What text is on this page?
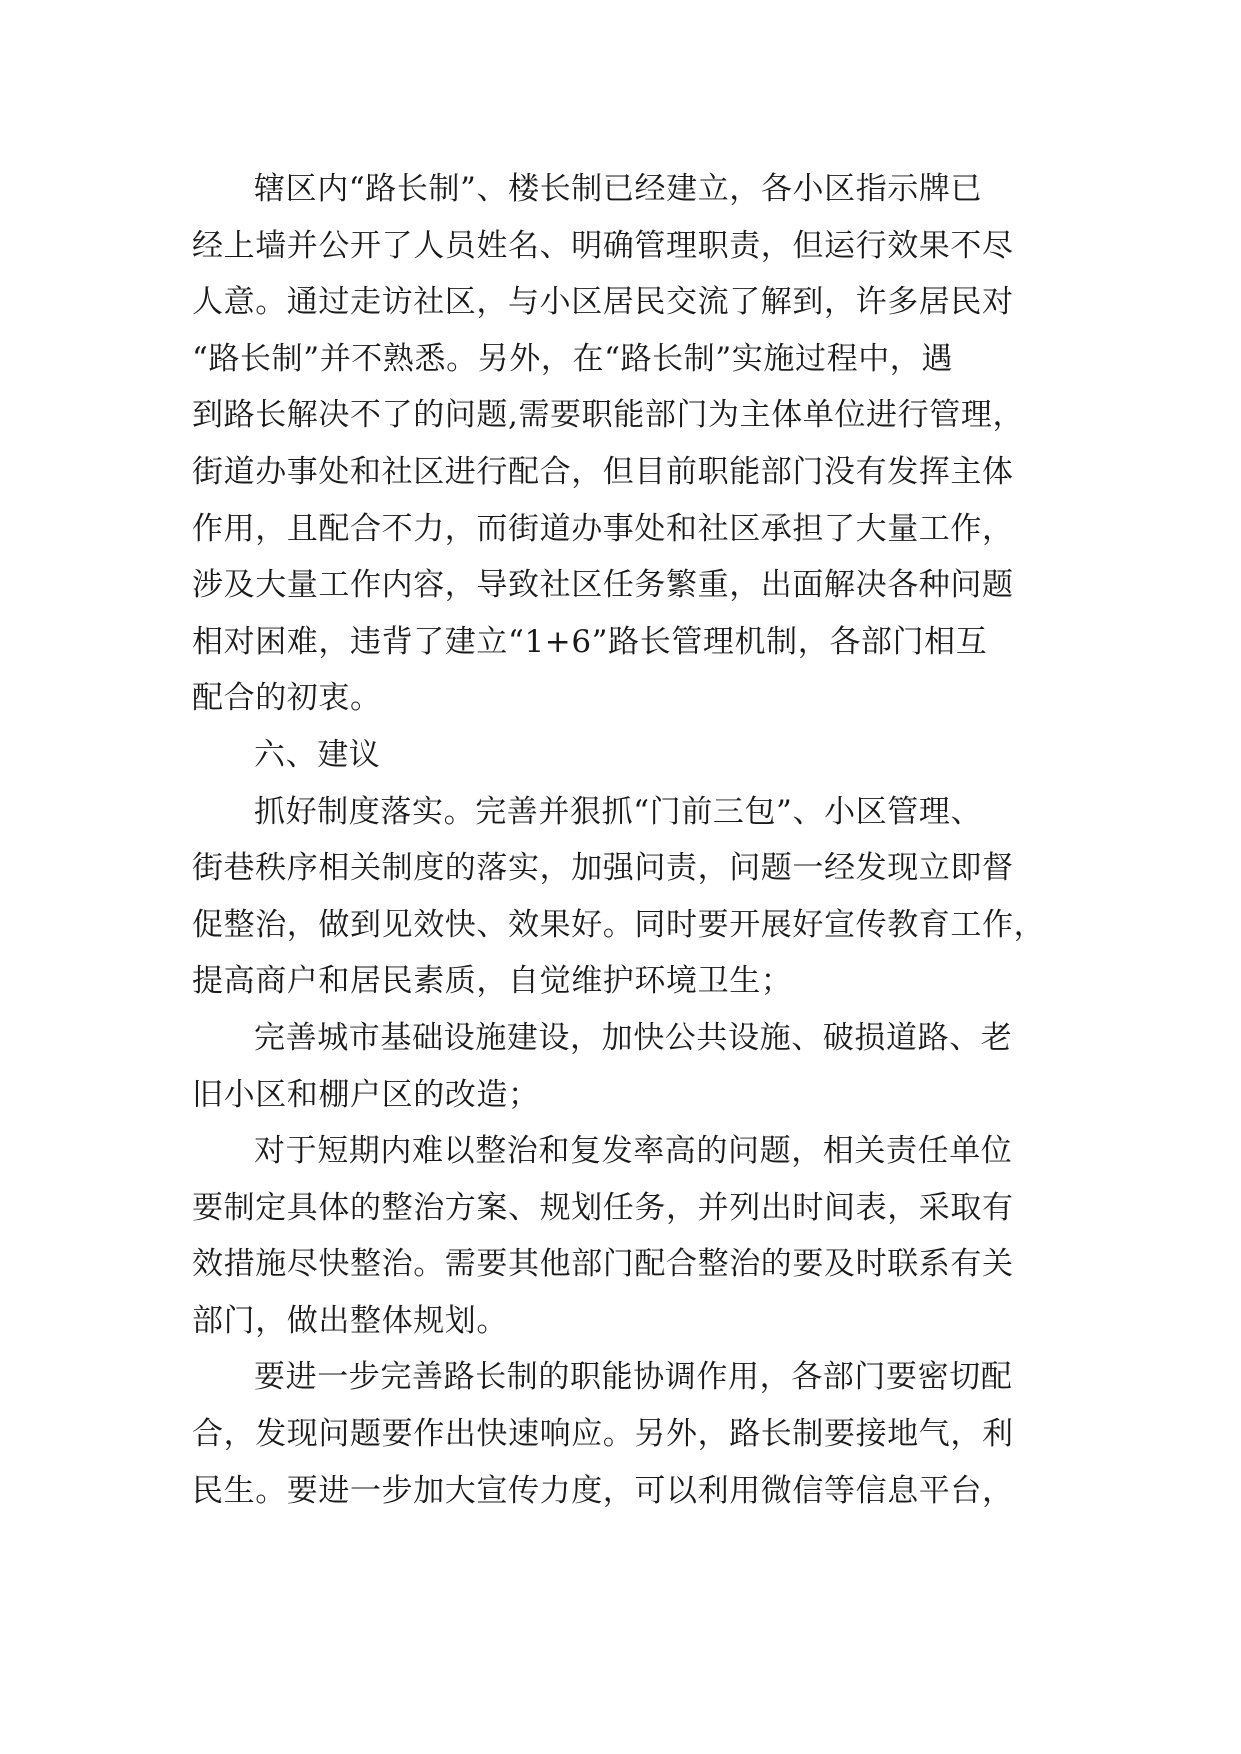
辖区内“路长制”、楼长制已经建立，各小区指示牌已
经上墙并公开了人员姓名、明确管理职责，但运行效果不尽
人意。通过走访社区，与小区居民交流了解到，许多居民对
“路长制”并不熟悉。另外，在“路长制”实施过程中，遇
到路长解决不了的问题,需要职能部门为主体单位进行管理，
街道办事处和社区进行配合，但目前职能部门没有发挥主体
作用，且配合不力，而街道办事处和社区承担了大量工作，
涉及大量工作内容，导致社区任务繁重，出面解决各种问题
相对困难，违背了建立“1+6”路长管理机制，各部门相互
配合的初衷。

六、建议

抓好制度落实。完善并狠抓“门前三包”、小区管理、
街巷秩序相关制度的落实，加强问责，问题一经发现立即督
促整治，做到见效快、效果好。同时要开展好宣传教育工作，
提高商户和居民素质，自觉维护环境卫生；

完善城市基础设施建设，加快公共设施、破损道路、老
旧小区和棚户区的改造；

对于短期内难以整治和复发率高的问题，相关责任单位
要制定具体的整治方案、规划任务，并列出时间表，采取有
效措施尽快整治。需要其他部门配合整治的要及时联系有关
部门，做出整体规划。

要进一步完善路长制的职能协调作用，各部门要密切配
合，发现问题要作出快速响应。另外，路长制要接地气，利
民生。要进一步加大宣传力度，可以利用微信等信息平台，
